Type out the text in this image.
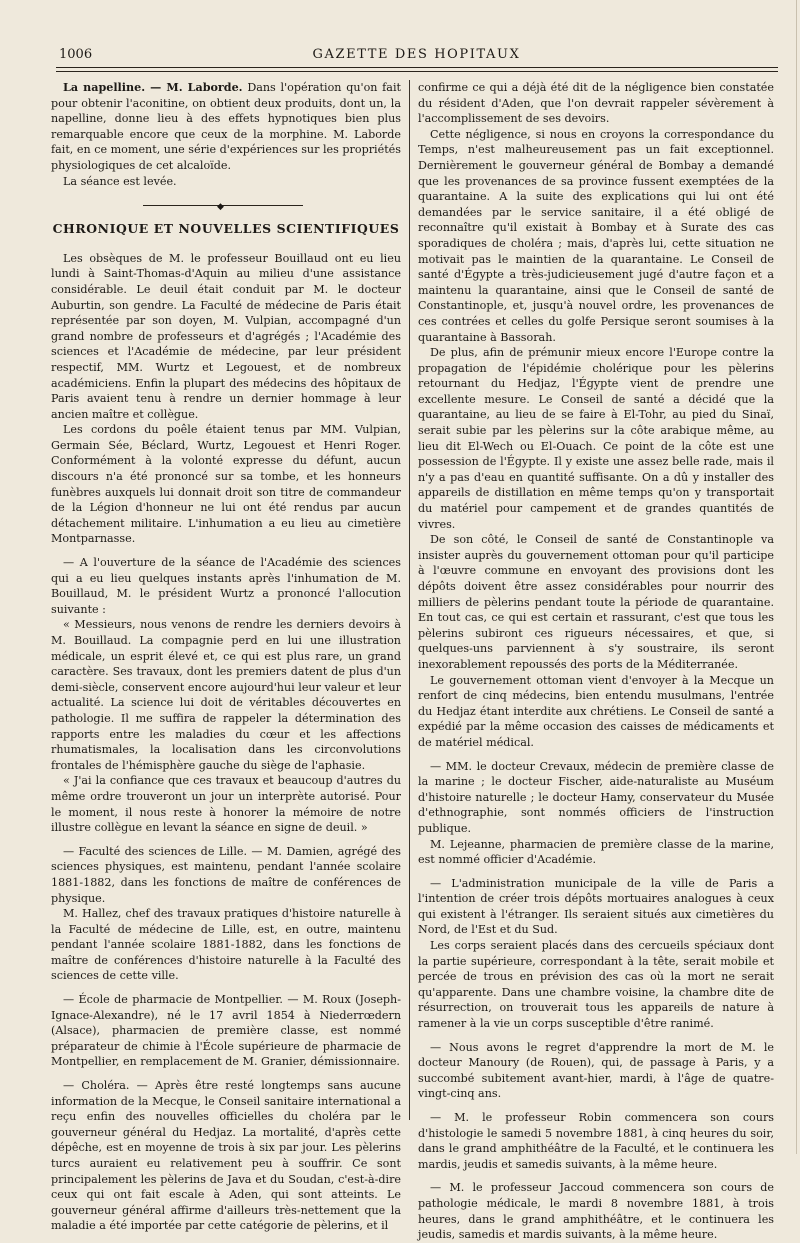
1006	GAZETTE DES HOPITAUX

La napelline. — M. Laborde. Dans l'opération qu'on fait pour obtenir l'aconitine, on obtient deux produits, dont un, la napelline, donne lieu à des effets hypnotiques bien plus remarquable encore que ceux de la morphine. M. Laborde fait, en ce moment, une série d'expériences sur les propriétés physiologiques de cet alcaloïde.

La séance est levée.

◆

CHRONIQUE ET NOUVELLES SCIENTIFIQUES

Les obsèques de M. le professeur Bouillaud ont eu lieu lundi à Saint-Thomas-d'Aquin au milieu d'une assistance considérable. Le deuil était conduit par M. le docteur Auburtin, son gendre. La Faculté de médecine de Paris était représentée par son doyen, M. Vulpian, accompagné d'un grand nombre de professeurs et d'agrégés ; l'Académie des sciences et l'Académie de médecine, par leur président respectif, MM. Wurtz et Legouest, et de nombreux académiciens. Enfin la plupart des médecins des hôpitaux de Paris avaient tenu à rendre un dernier hommage à leur ancien maître et collègue.

Les cordons du poêle étaient tenus par MM. Vulpian, Germain Sée, Béclard, Wurtz, Legouest et Henri Roger. Conformément à la volonté expresse du défunt, aucun discours n'a été prononcé sur sa tombe, et les honneurs funèbres auxquels lui donnait droit son titre de commandeur de la Légion d'honneur ne lui ont été rendus par aucun détachement militaire. L'inhumation a eu lieu au cimetière Montparnasse.

— A l'ouverture de la séance de l'Académie des sciences qui a eu lieu quelques instants après l'inhumation de M. Bouillaud, M. le président Wurtz a prononcé l'allocution suivante :

« Messieurs, nous venons de rendre les derniers devoirs à M. Bouillaud. La compagnie perd en lui une illustration médicale, un esprit élevé et, ce qui est plus rare, un grand caractère. Ses travaux, dont les premiers datent de plus d'un demi-siècle, conservent encore aujourd'hui leur valeur et leur actualité. La science lui doit de véritables découvertes en pathologie. Il me suffira de rappeler la détermination des rapports entre les maladies du cœur et les affections rhumatismales, la localisation dans les circonvolutions frontales de l'hémisphère gauche du siège de l'aphasie.

« J'ai la confiance que ces travaux et beaucoup d'autres du même ordre trouveront un jour un interprète autorisé. Pour le moment, il nous reste à honorer la mémoire de notre illustre collègue en levant la séance en signe de deuil. »

— Faculté des sciences de Lille. — M. Damien, agrégé des sciences physiques, est maintenu, pendant l'année scolaire 1881-1882, dans les fonctions de maître de conférences de physique.

M. Hallez, chef des travaux pratiques d'histoire naturelle à la Faculté de médecine de Lille, est, en outre, maintenu pendant l'année scolaire 1881-1882, dans les fonctions de maître de conférences d'histoire naturelle à la Faculté des sciences de cette ville.

— École de pharmacie de Montpellier. — M. Roux (Joseph-Ignace-Alexandre), né le 17 avril 1854 à Niederrœdern (Alsace), pharmacien de première classe, est nommé préparateur de chimie à l'École supérieure de pharmacie de Montpellier, en remplacement de M. Granier, démissionnaire.

— Choléra. — Après être resté longtemps sans aucune information de la Mecque, le Conseil sanitaire international a reçu enfin des nouvelles officielles du choléra par le gouverneur général du Hedjaz. La mortalité, d'après cette dépêche, est en moyenne de trois à six par jour. Les pèlerins turcs auraient eu relativement peu à souffrir. Ce sont principalement les pèlerins de Java et du Soudan, c'est-à-dire ceux qui ont fait escale à Aden, qui sont atteints. Le gouverneur général affirme d'ailleurs très-nettement que la maladie a été importée par cette catégorie de pèlerins, et il

confirme ce qui a déjà été dit de la négligence bien constatée du résident d'Aden, que l'on devrait rappeler sévèrement à l'accomplissement de ses devoirs.

Cette négligence, si nous en croyons la correspondance du Temps, n'est malheureusement pas un fait exceptionnel. Dernièrement le gouverneur général de Bombay a demandé que les provenances de sa province fussent exemptées de la quarantaine. A la suite des explications qui lui ont été demandées par le service sanitaire, il a été obligé de reconnaître qu'il existait à Bombay et à Surate des cas sporadiques de choléra ; mais, d'après lui, cette situation ne motivait pas le maintien de la quarantaine. Le Conseil de santé d'Égypte a très-judicieusement jugé d'autre façon et a maintenu la quarantaine, ainsi que le Conseil de santé de Constantinople, et, jusqu'à nouvel ordre, les provenances de ces contrées et celles du golfe Persique seront soumises à la quarantaine à Bassorah.

De plus, afin de prémunir mieux encore l'Europe contre la propagation de l'épidémie cholérique pour les pèlerins retournant du Hedjaz, l'Égypte vient de prendre une excellente mesure. Le Conseil de santé a décidé que la quarantaine, au lieu de se faire à El-Tohr, au pied du Sinaï, serait subie par les pèlerins sur la côte arabique même, au lieu dit El-Wech ou El-Ouach. Ce point de la côte est une possession de l'Égypte. Il y existe une assez belle rade, mais il n'y a pas d'eau en quantité suffisante. On a dû y installer des appareils de distillation en même temps qu'on y transportait du matériel pour campement et de grandes quantités de vivres.

De son côté, le Conseil de santé de Constantinople va insister auprès du gouvernement ottoman pour qu'il participe à l'œuvre commune en envoyant des provisions dont les dépôts doivent être assez considérables pour nourrir des milliers de pèlerins pendant toute la période de quarantaine. En tout cas, ce qui est certain et rassurant, c'est que tous les pèlerins subiront ces rigueurs nécessaires, et que, si quelques-uns parviennent à s'y soustraire, ils seront inexorablement repoussés des ports de la Méditerranée.

Le gouvernement ottoman vient d'envoyer à la Mecque un renfort de cinq médecins, bien entendu musulmans, l'entrée du Hedjaz étant interdite aux chrétiens. Le Conseil de santé a expédié par la même occasion des caisses de médicaments et de matériel médical.

— MM. le docteur Crevaux, médecin de première classe de la marine ; le docteur Fischer, aide-naturaliste au Muséum d'histoire naturelle ; le docteur Hamy, conservateur du Musée d'ethnographie, sont nommés officiers de l'instruction publique.

M. Lejeanne, pharmacien de première classe de la marine, est nommé officier d'Académie.

— L'administration municipale de la ville de Paris a l'intention de créer trois dépôts mortuaires analogues à ceux qui existent à l'étranger. Ils seraient situés aux cimetières du Nord, de l'Est et du Sud.

Les corps seraient placés dans des cercueils spéciaux dont la partie supérieure, correspondant à la tête, serait mobile et percée de trous en prévision des cas où la mort ne serait qu'apparente. Dans une chambre voisine, la chambre dite de résurrection, on trouverait tous les appareils de nature à ramener à la vie un corps susceptible d'être ranimé.

— Nous avons le regret d'apprendre la mort de M. le docteur Manoury (de Rouen), qui, de passage à Paris, y a succombé subitement avant-hier, mardi, à l'âge de quatre-vingt-cinq ans.

— M. le professeur Robin commencera son cours d'histologie le samedi 5 novembre 1881, à cinq heures du soir, dans le grand amphithéâtre de la Faculté, et le continuera les mardis, jeudis et samedis suivants, à la même heure.

— M. le professeur Jaccoud commencera son cours de pathologie médicale, le mardi 8 novembre 1881, à trois heures, dans le grand amphithéâtre, et le continuera les jeudis, samedis et mardis suivants, à la même heure.
